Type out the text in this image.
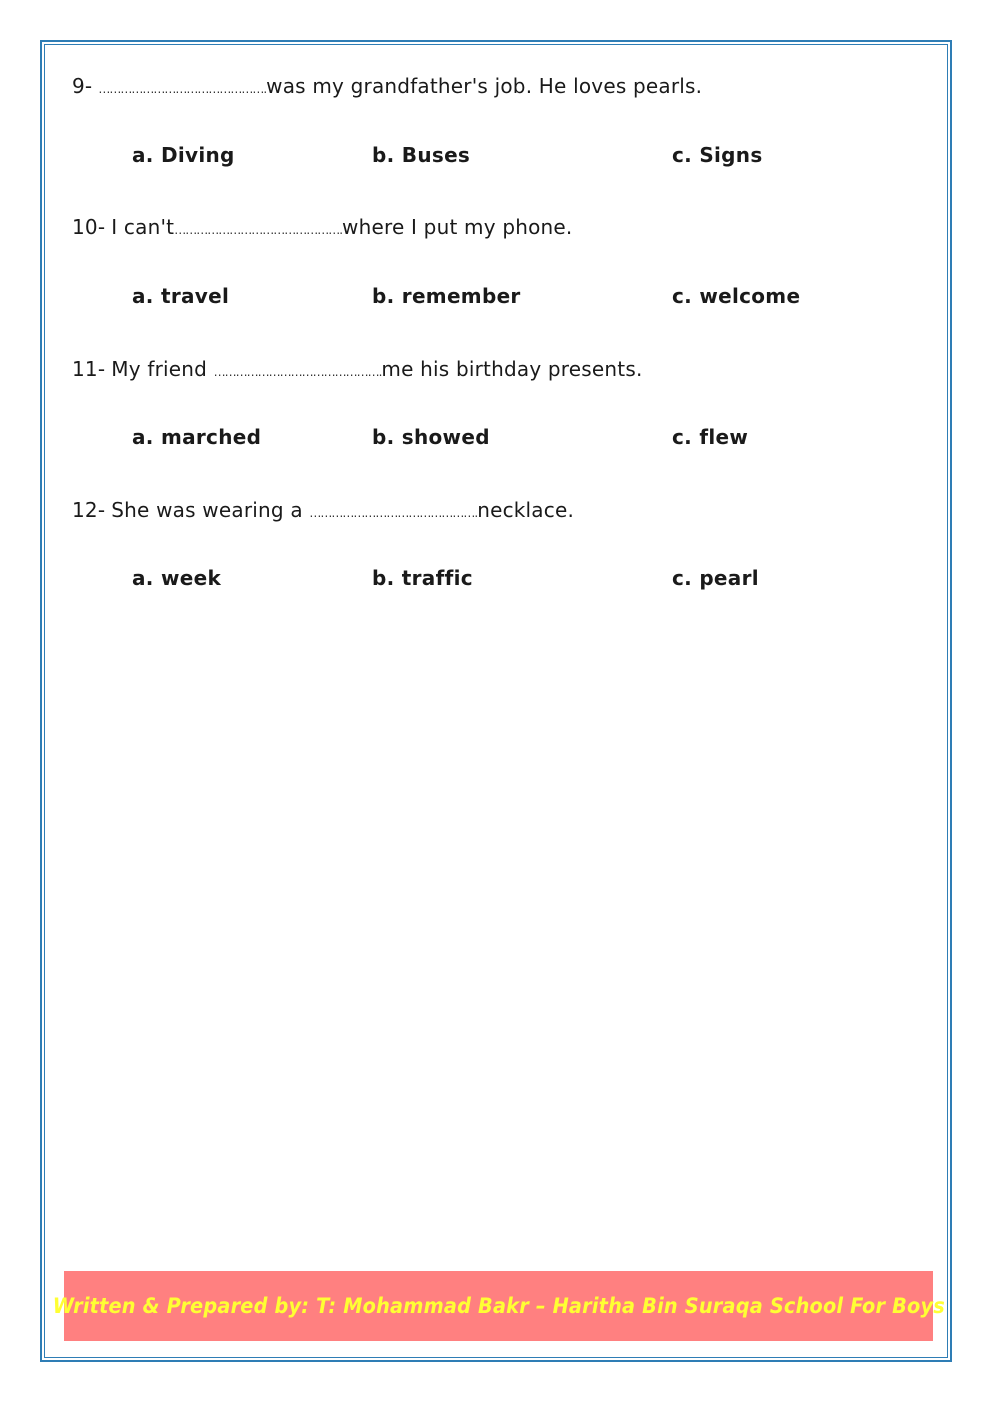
9- ……………………………………….was my grandfather's job. He loves pearls.
a. Diving	b. Buses	c. Signs
10- I can't……………………………………….where I put my phone.
a. travel	b. remember	c. welcome
11- My friend ……………………………………….me his birthday presents.
a. marched	b. showed	c. flew
12- She was wearing a ……………………………………….necklace.
a. week	b. traffic	c. pearl
Written & Prepared by: T: Mohammad Bakr – Haritha Bin Suraqa School For Boys
